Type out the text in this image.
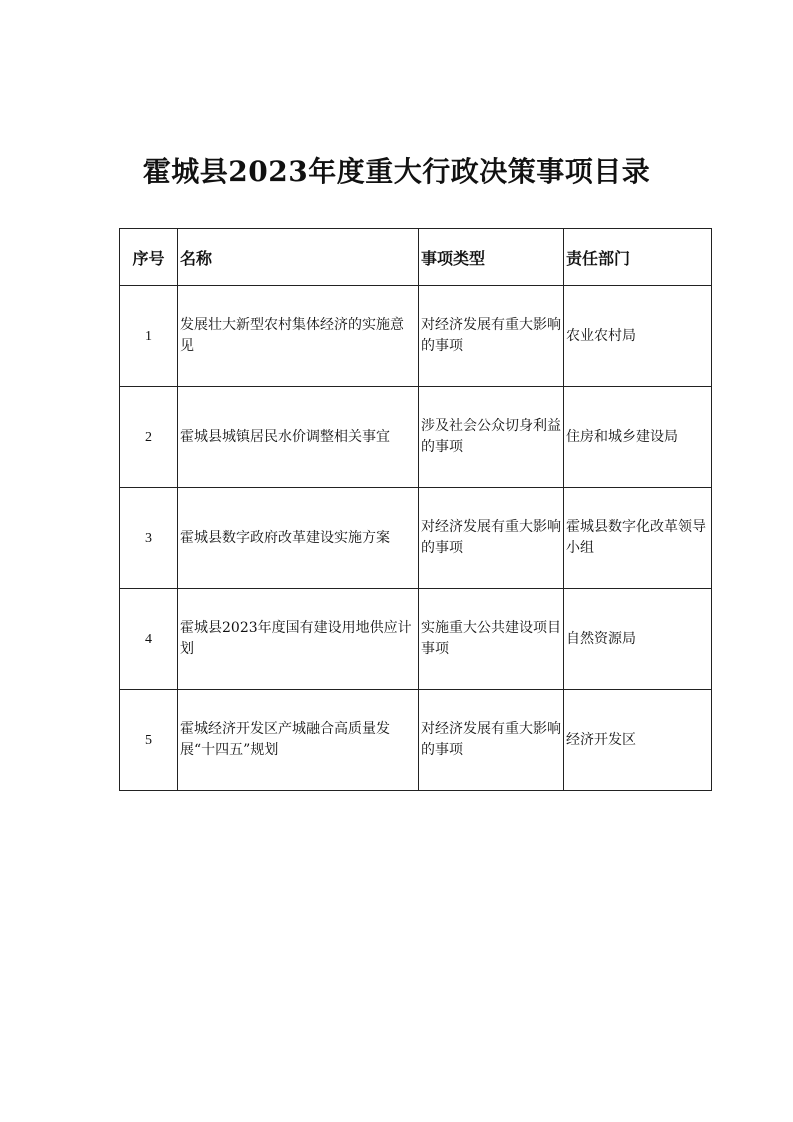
霍城县2023年度重大行政决策事项目录
序号	名称	事项类型	责任部门
1	发展壮大新型农村集体经济的实施意见	对经济发展有重大影响的事项	农业农村局
2	霍城县城镇居民水价调整相关事宜	涉及社会公众切身利益的事项	住房和城乡建设局
3	霍城县数字政府改革建设实施方案	对经济发展有重大影响的事项	霍城县数字化改革领导小组
4	霍城县2023年度国有建设用地供应计划	实施重大公共建设项目事项	自然资源局
5	霍城经济开发区产城融合高质量发展“十四五”规划	对经济发展有重大影响的事项	经济开发区
